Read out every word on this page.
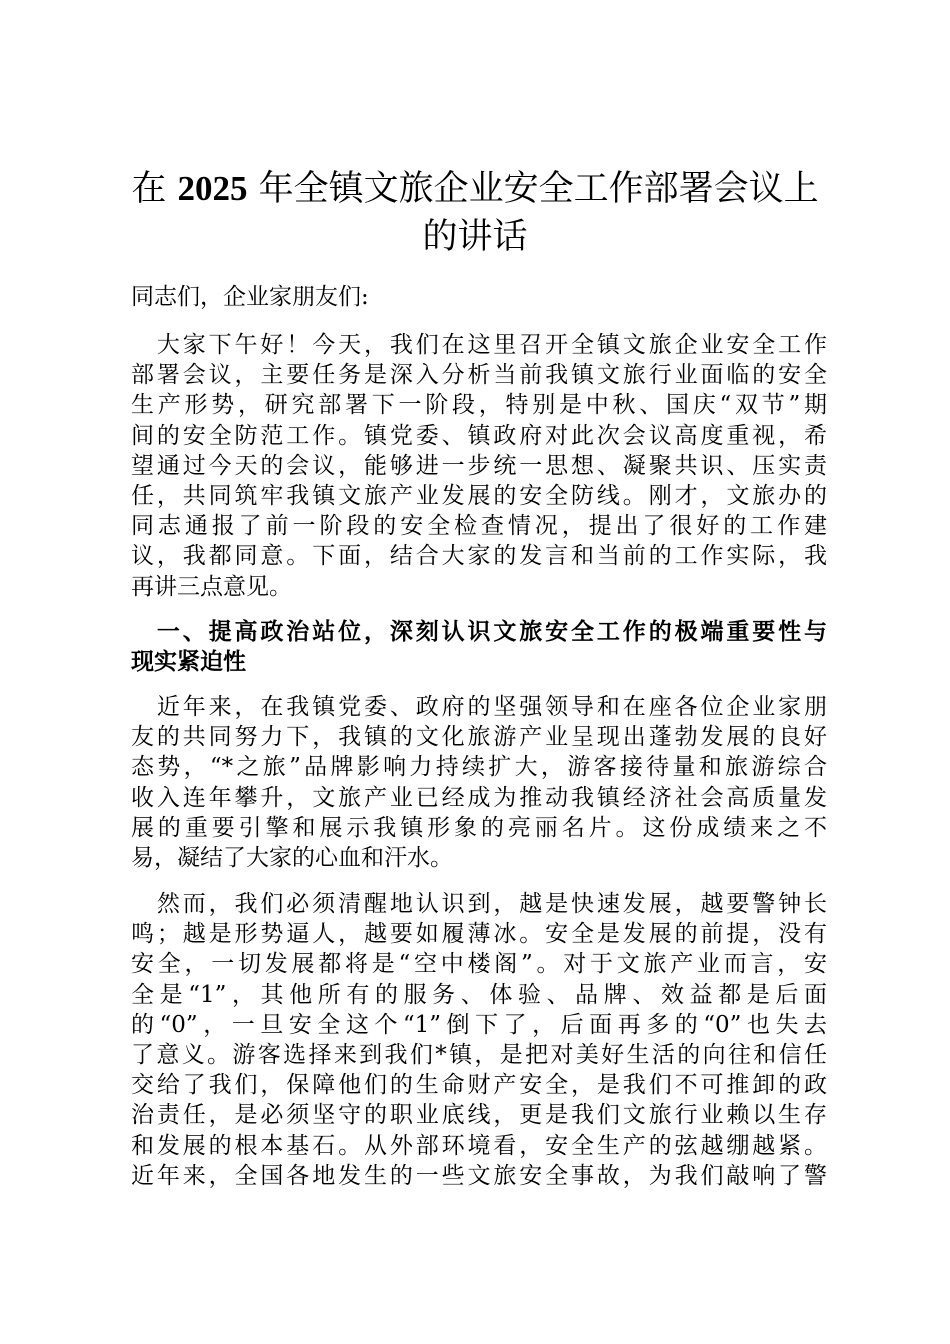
在 2025 年全镇文旅企业安全工作部署会议上
的讲话

同志们，企业家朋友们:

　大家下午好！今天，我们在这里召开全镇文旅企业安全工作
部署会议，主要任务是深入分析当前我镇文旅行业面临的安全
生产形势，研究部署下一阶段，特别是中秋、国庆“双节”期
间的安全防范工作。镇党委、镇政府对此次会议高度重视，希
望通过今天的会议，能够进一步统一思想、凝聚共识、压实责
任，共同筑牢我镇文旅产业发展的安全防线。刚才，文旅办的
同志通报了前一阶段的安全检查情况，提出了很好的工作建
议，我都同意。下面，结合大家的发言和当前的工作实际，我
再讲三点意见。

　一、提高政治站位，深刻认识文旅安全工作的极端重要性与
现实紧迫性

　近年来，在我镇党委、政府的坚强领导和在座各位企业家朋
友的共同努力下，我镇的文化旅游产业呈现出蓬勃发展的良好
态势，“*之旅”品牌影响力持续扩大，游客接待量和旅游综合
收入连年攀升，文旅产业已经成为推动我镇经济社会高质量发
展的重要引擎和展示我镇形象的亮丽名片。这份成绩来之不
易，凝结了大家的心血和汗水。

　然而，我们必须清醒地认识到，越是快速发展，越要警钟长
鸣；越是形势逼人，越要如履薄冰。安全是发展的前提，没有
安全，一切发展都将是“空中楼阁”。对于文旅产业而言，安
全是“1”，其他所有的服务、体验、品牌、效益都是后面
的“0”，一旦安全这个“1”倒下了，后面再多的“0”也失去
了意义。游客选择来到我们*镇，是把对美好生活的向往和信任
交给了我们，保障他们的生命财产安全，是我们不可推卸的政
治责任，是必须坚守的职业底线，更是我们文旅行业赖以生存
和发展的根本基石。从外部环境看，安全生产的弦越绷越紧。
近年来，全国各地发生的一些文旅安全事故，为我们敲响了警
